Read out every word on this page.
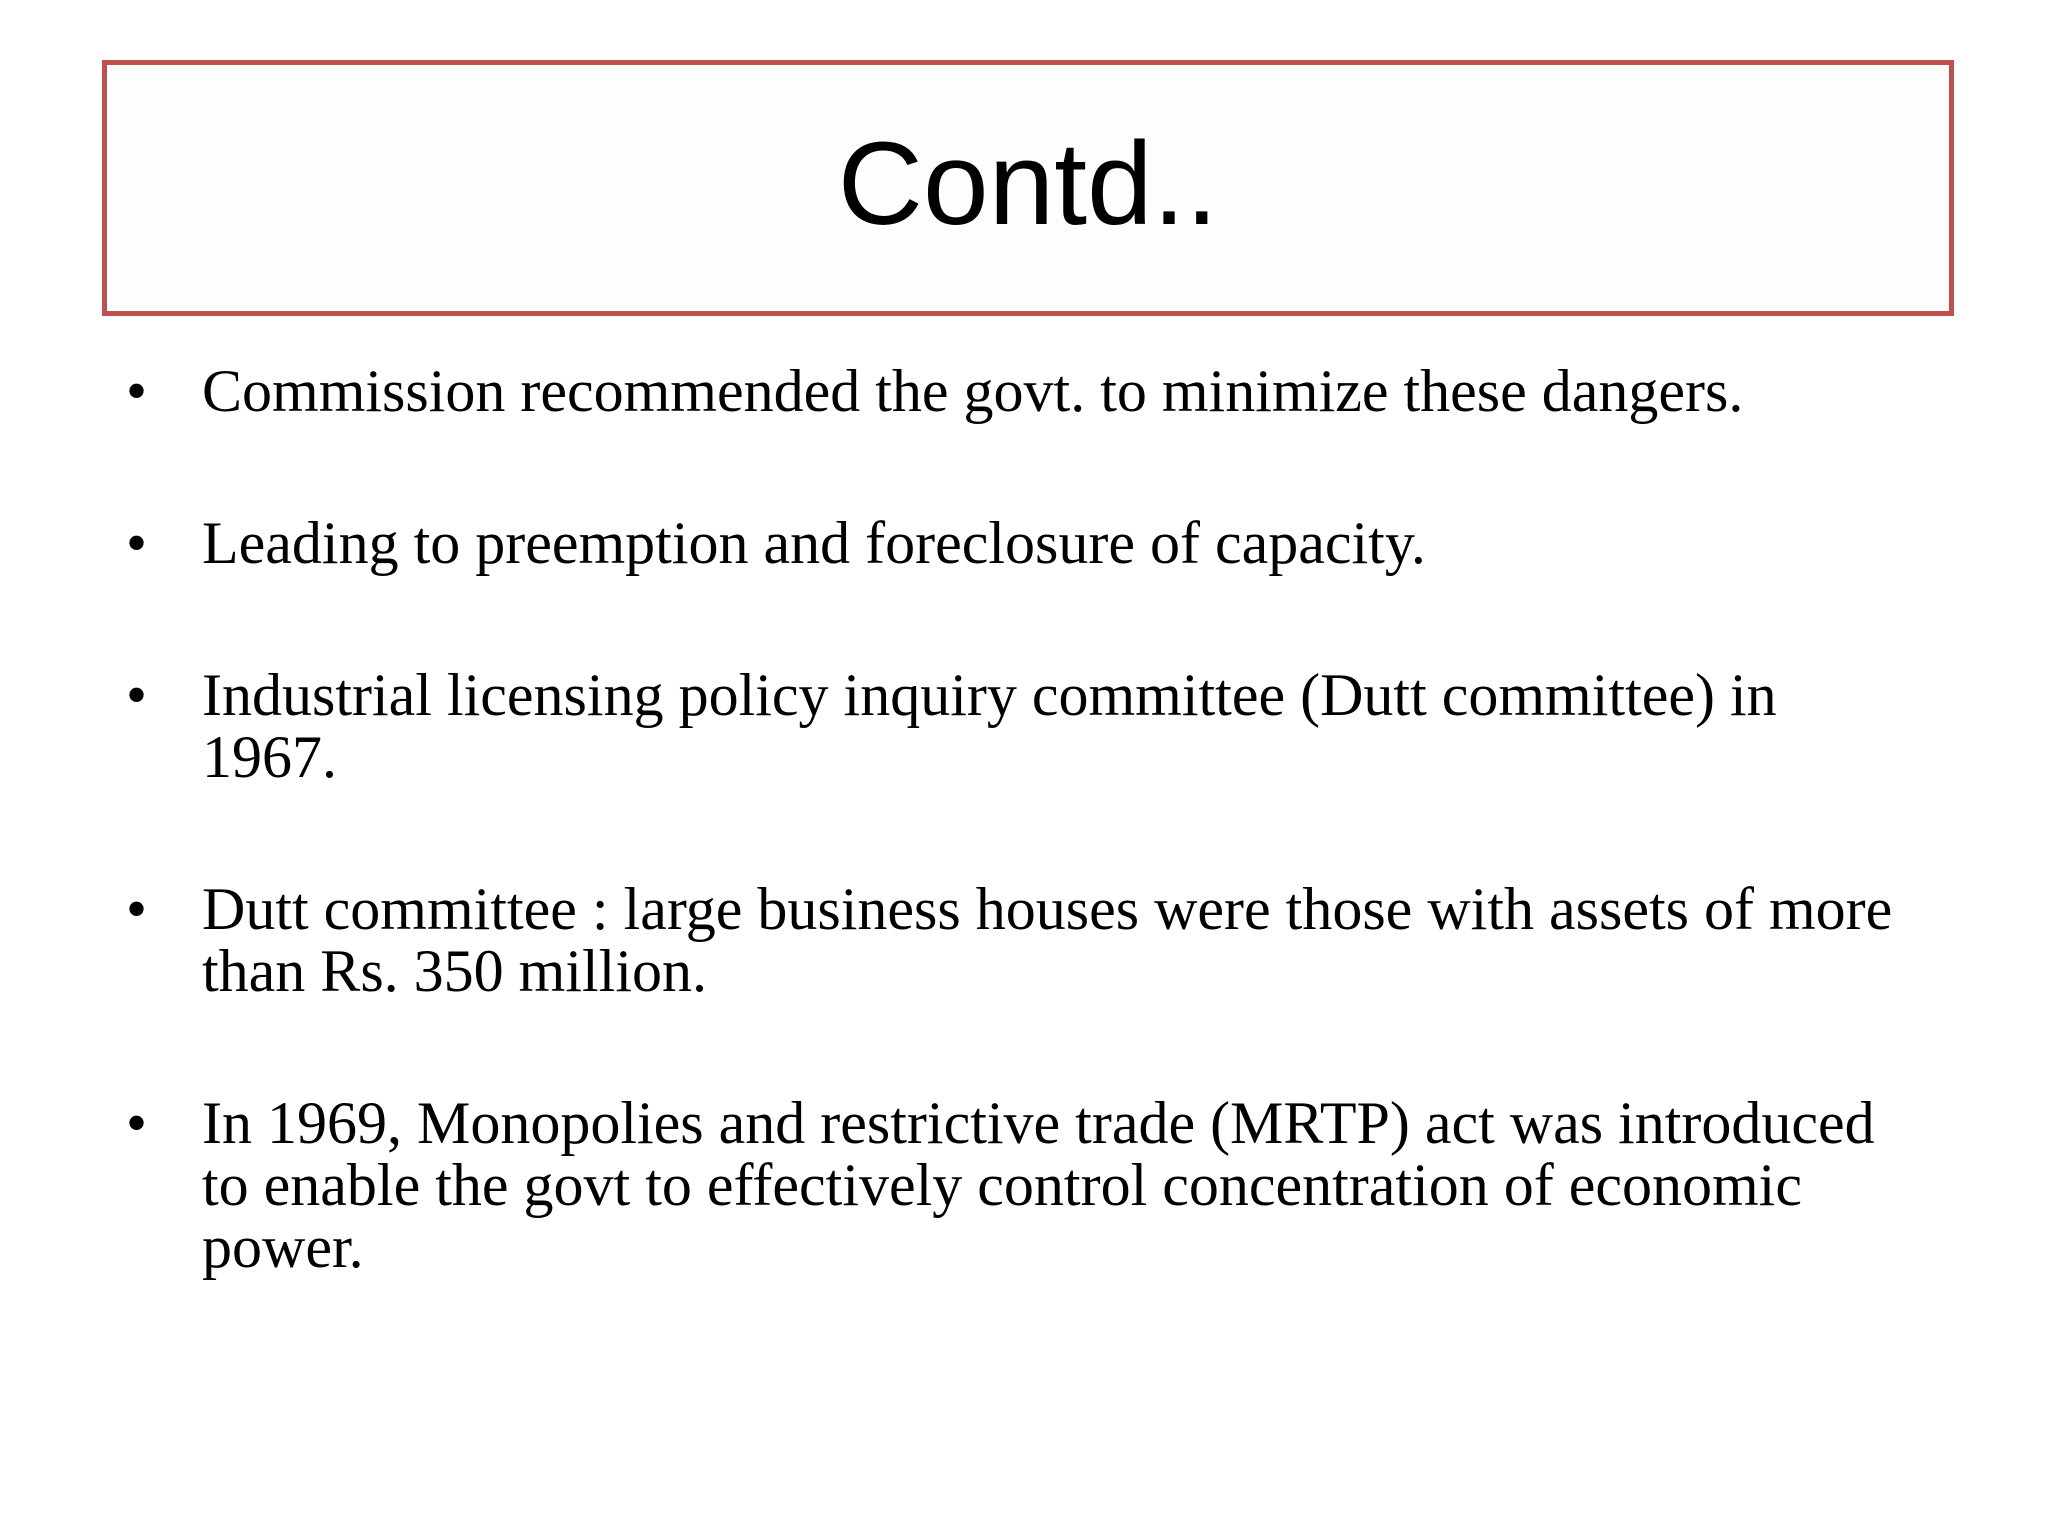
Contd..
• Commission recommended the govt. to minimize these dangers.
• Leading to preemption and foreclosure of capacity.
• Industrial licensing policy inquiry committee (Dutt committee) in 1967.
• Dutt committee : large business houses were those with assets of more than Rs. 350 million.
• In 1969, Monopolies and restrictive trade (MRTP) act was introduced to enable the govt to effectively control concentration of economic power.
